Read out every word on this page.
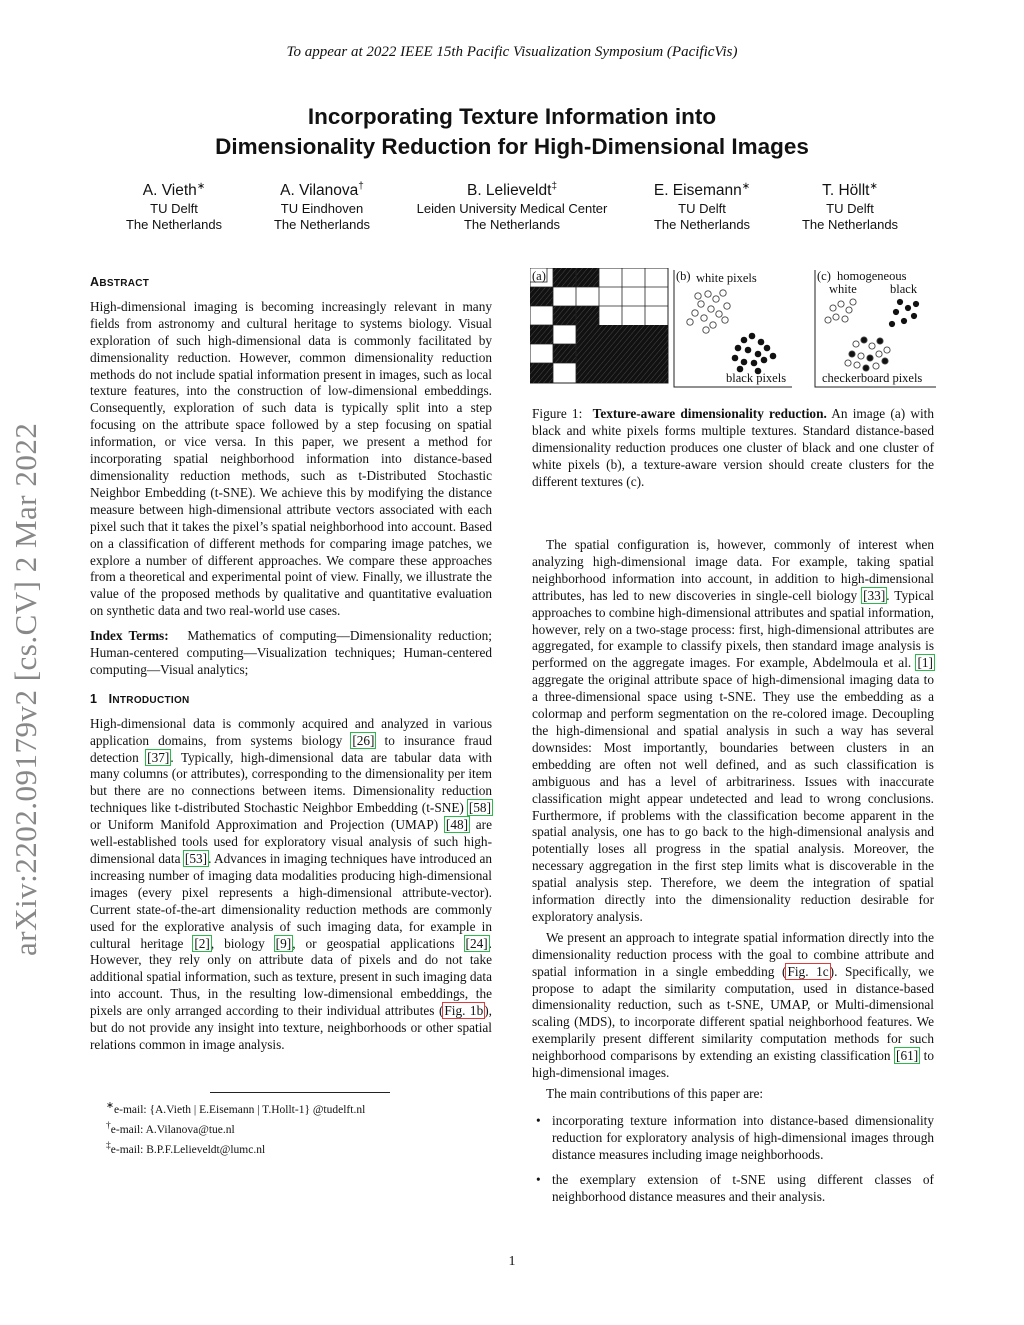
To appear at 2022 IEEE 15th Pacific Visualization Symposium (PacificVis)
Incorporating Texture Information into
Dimensionality Reduction for High-Dimensional Images
A. Vieth∗
TU Delft
The Netherlands
A. Vilanova†
TU Eindhoven
The Netherlands
B. Lelieveldt‡
Leiden University Medical Center
The Netherlands
E. Eisemann∗
TU Delft
The Netherlands
T. Höllt∗
TU Delft
The Netherlands
arXiv:2202.09179v2 [cs.CV] 2 Mar 2022
ABSTRACT

High-dimensional imaging is becoming increasingly relevant in many fields from astronomy and cultural heritage to systems biology. Visual exploration of such high-dimensional data is commonly facilitated by dimensionality reduction. However, common dimensionality reduction methods do not include spatial information present in images, such as local texture features, into the construction of low-dimensional embeddings. Consequently, exploration of such data is typically split into a step focusing on the attribute space followed by a step focusing on spatial information, or vice versa. In this paper, we present a method for incorporating spatial neighborhood information into distance-based dimensionality reduction methods, such as t-Distributed Stochastic Neighbor Embedding (t-SNE). We achieve this by modifying the distance measure between high-dimensional attribute vectors associated with each pixel such that it takes the pixel’s spatial neighborhood into account. Based on a classification of different methods for comparing image patches, we explore a number of different approaches. We compare these approaches from a theoretical and experimental point of view. Finally, we illustrate the value of the proposed methods by qualitative and quantitative evaluation on synthetic data and two real-world use cases.

Index Terms: Mathematics of computing—Dimensionality reduction; Human-centered computing—Visualization techniques; Human-centered computing—Visual analytics;

1 INTRODUCTION

High-dimensional data is commonly acquired and analyzed in various application domains, from systems biology [26] to insurance fraud detection [37]. Typically, high-dimensional data are tabular data with many columns (or attributes), corresponding to the dimensionality per item but there are no connections between items. Dimensionality reduction techniques like t-distributed Stochastic Neighbor Embedding (t-SNE) [58] or Uniform Manifold Approximation and Projection (UMAP) [48] are well-established tools used for exploratory visual analysis of such high-dimensional data [53]. Advances in imaging techniques have introduced an increasing number of imaging data modalities producing high-dimensional images (every pixel represents a high-dimensional attribute-vector). Current state-of-the-art dimensionality reduction methods are commonly used for the explorative analysis of such imaging data, for example in cultural heritage [2], biology [9], or geospatial applications [24]. However, they rely only on attribute data of pixels and do not take additional spatial information, such as texture, present in such imaging data into account. Thus, in the resulting low-dimensional embeddings, the pixels are only arranged according to their individual attributes (Fig. 1b), but do not provide any insight into texture, neighborhoods or other spatial relations common in image analysis.

∗e-mail: {A.Vieth | E.Eisemann | T.Hollt-1} @tudelft.nl
†e-mail: A.Vilanova@tue.nl
‡e-mail: B.P.F.Lelieveldt@lumc.nl
(a)	(b) white pixels
black pixels
(c) homogeneous
white	black
checkerboard pixels

Figure 1: Texture-aware dimensionality reduction. An image (a) with black and white pixels forms multiple textures. Standard distance-based dimensionality reduction produces one cluster of black and one cluster of white pixels (b), a texture-aware version should create clusters for the different textures (c).

The spatial configuration is, however, commonly of interest when analyzing high-dimensional image data. For example, taking spatial neighborhood information into account, in addition to high-dimensional attributes, has led to new discoveries in single-cell biology [33]. Typical approaches to combine high-dimensional attributes and spatial information, however, rely on a two-stage process: first, high-dimensional attributes are aggregated, for example to classify pixels, then standard image analysis is performed on the aggregate images. For example, Abdelmoula et al. [1] aggregate the original attribute space of high-dimensional imaging data to a three-dimensional space using t-SNE. They use the embedding as a colormap and perform segmentation on the re-colored image. Decoupling the high-dimensional and spatial analysis in such a way has several downsides: Most importantly, boundaries between clusters in an embedding are often not well defined, and as such classification is ambiguous and has a level of arbitrariness. Issues with inaccurate classification might appear undetected and lead to wrong conclusions. Furthermore, if problems with the classification become apparent in the spatial analysis, one has to go back to the high-dimensional analysis and potentially loses all progress in the spatial analysis. Moreover, the necessary aggregation in the first step limits what is discoverable in the spatial analysis step. Therefore, we deem the integration of spatial information directly into the dimensionality reduction desirable for exploratory analysis.

We present an approach to integrate spatial information directly into the dimensionality reduction process with the goal to combine attribute and spatial information in a single embedding (Fig. 1c). Specifically, we propose to adapt the similarity computation, used in distance-based dimensionality reduction, such as t-SNE, UMAP, or Multi-dimensional scaling (MDS), to incorporate different spatial neighborhood features. We exemplarily present different similarity computation methods for such neighborhood comparisons by extending an existing classification [61] to high-dimensional images.

The main contributions of this paper are:

• incorporating texture information into distance-based dimensionality reduction for exploratory analysis of high-dimensional images through distance measures including image neighborhoods.
• the exemplary extension of t-SNE using different classes of neighborhood distance measures and their analysis.
1
